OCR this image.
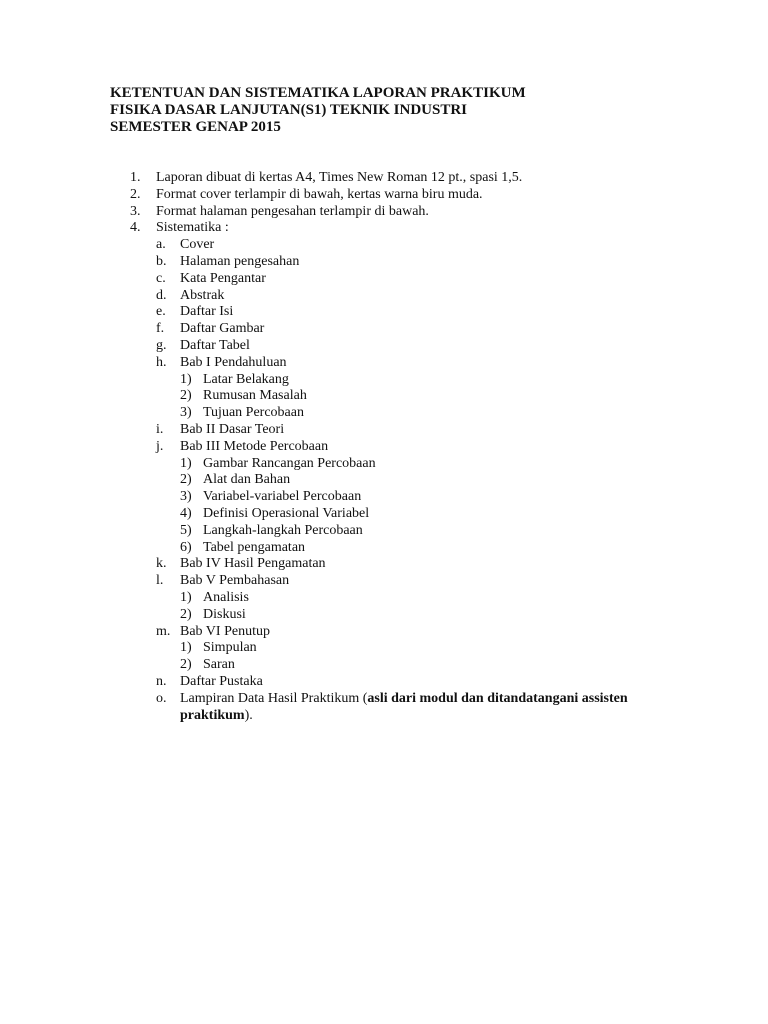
KETENTUAN DAN SISTEMATIKA LAPORAN PRAKTIKUM
FISIKA DASAR LANJUTAN(S1) TEKNIK INDUSTRI
SEMESTER GENAP 2015
1. Laporan dibuat di kertas A4, Times New Roman 12 pt., spasi 1,5.
2. Format cover terlampir di bawah, kertas warna biru muda.
3. Format halaman pengesahan terlampir di bawah.
4. Sistematika :
a. Cover
b. Halaman pengesahan
c. Kata Pengantar
d. Abstrak
e. Daftar Isi
f. Daftar Gambar
g. Daftar Tabel
h. Bab I Pendahuluan
1) Latar Belakang
2) Rumusan Masalah
3) Tujuan Percobaan
i. Bab II Dasar Teori
j. Bab III Metode Percobaan
1) Gambar Rancangan Percobaan
2) Alat dan Bahan
3) Variabel-variabel Percobaan
4) Definisi Operasional Variabel
5) Langkah-langkah Percobaan
6) Tabel pengamatan
k. Bab IV Hasil Pengamatan
l. Bab V Pembahasan
1) Analisis
2) Diskusi
m. Bab VI Penutup
1) Simpulan
2) Saran
n. Daftar Pustaka
o. Lampiran Data Hasil Praktikum (asli dari modul dan ditandatangani assisten praktikum).
